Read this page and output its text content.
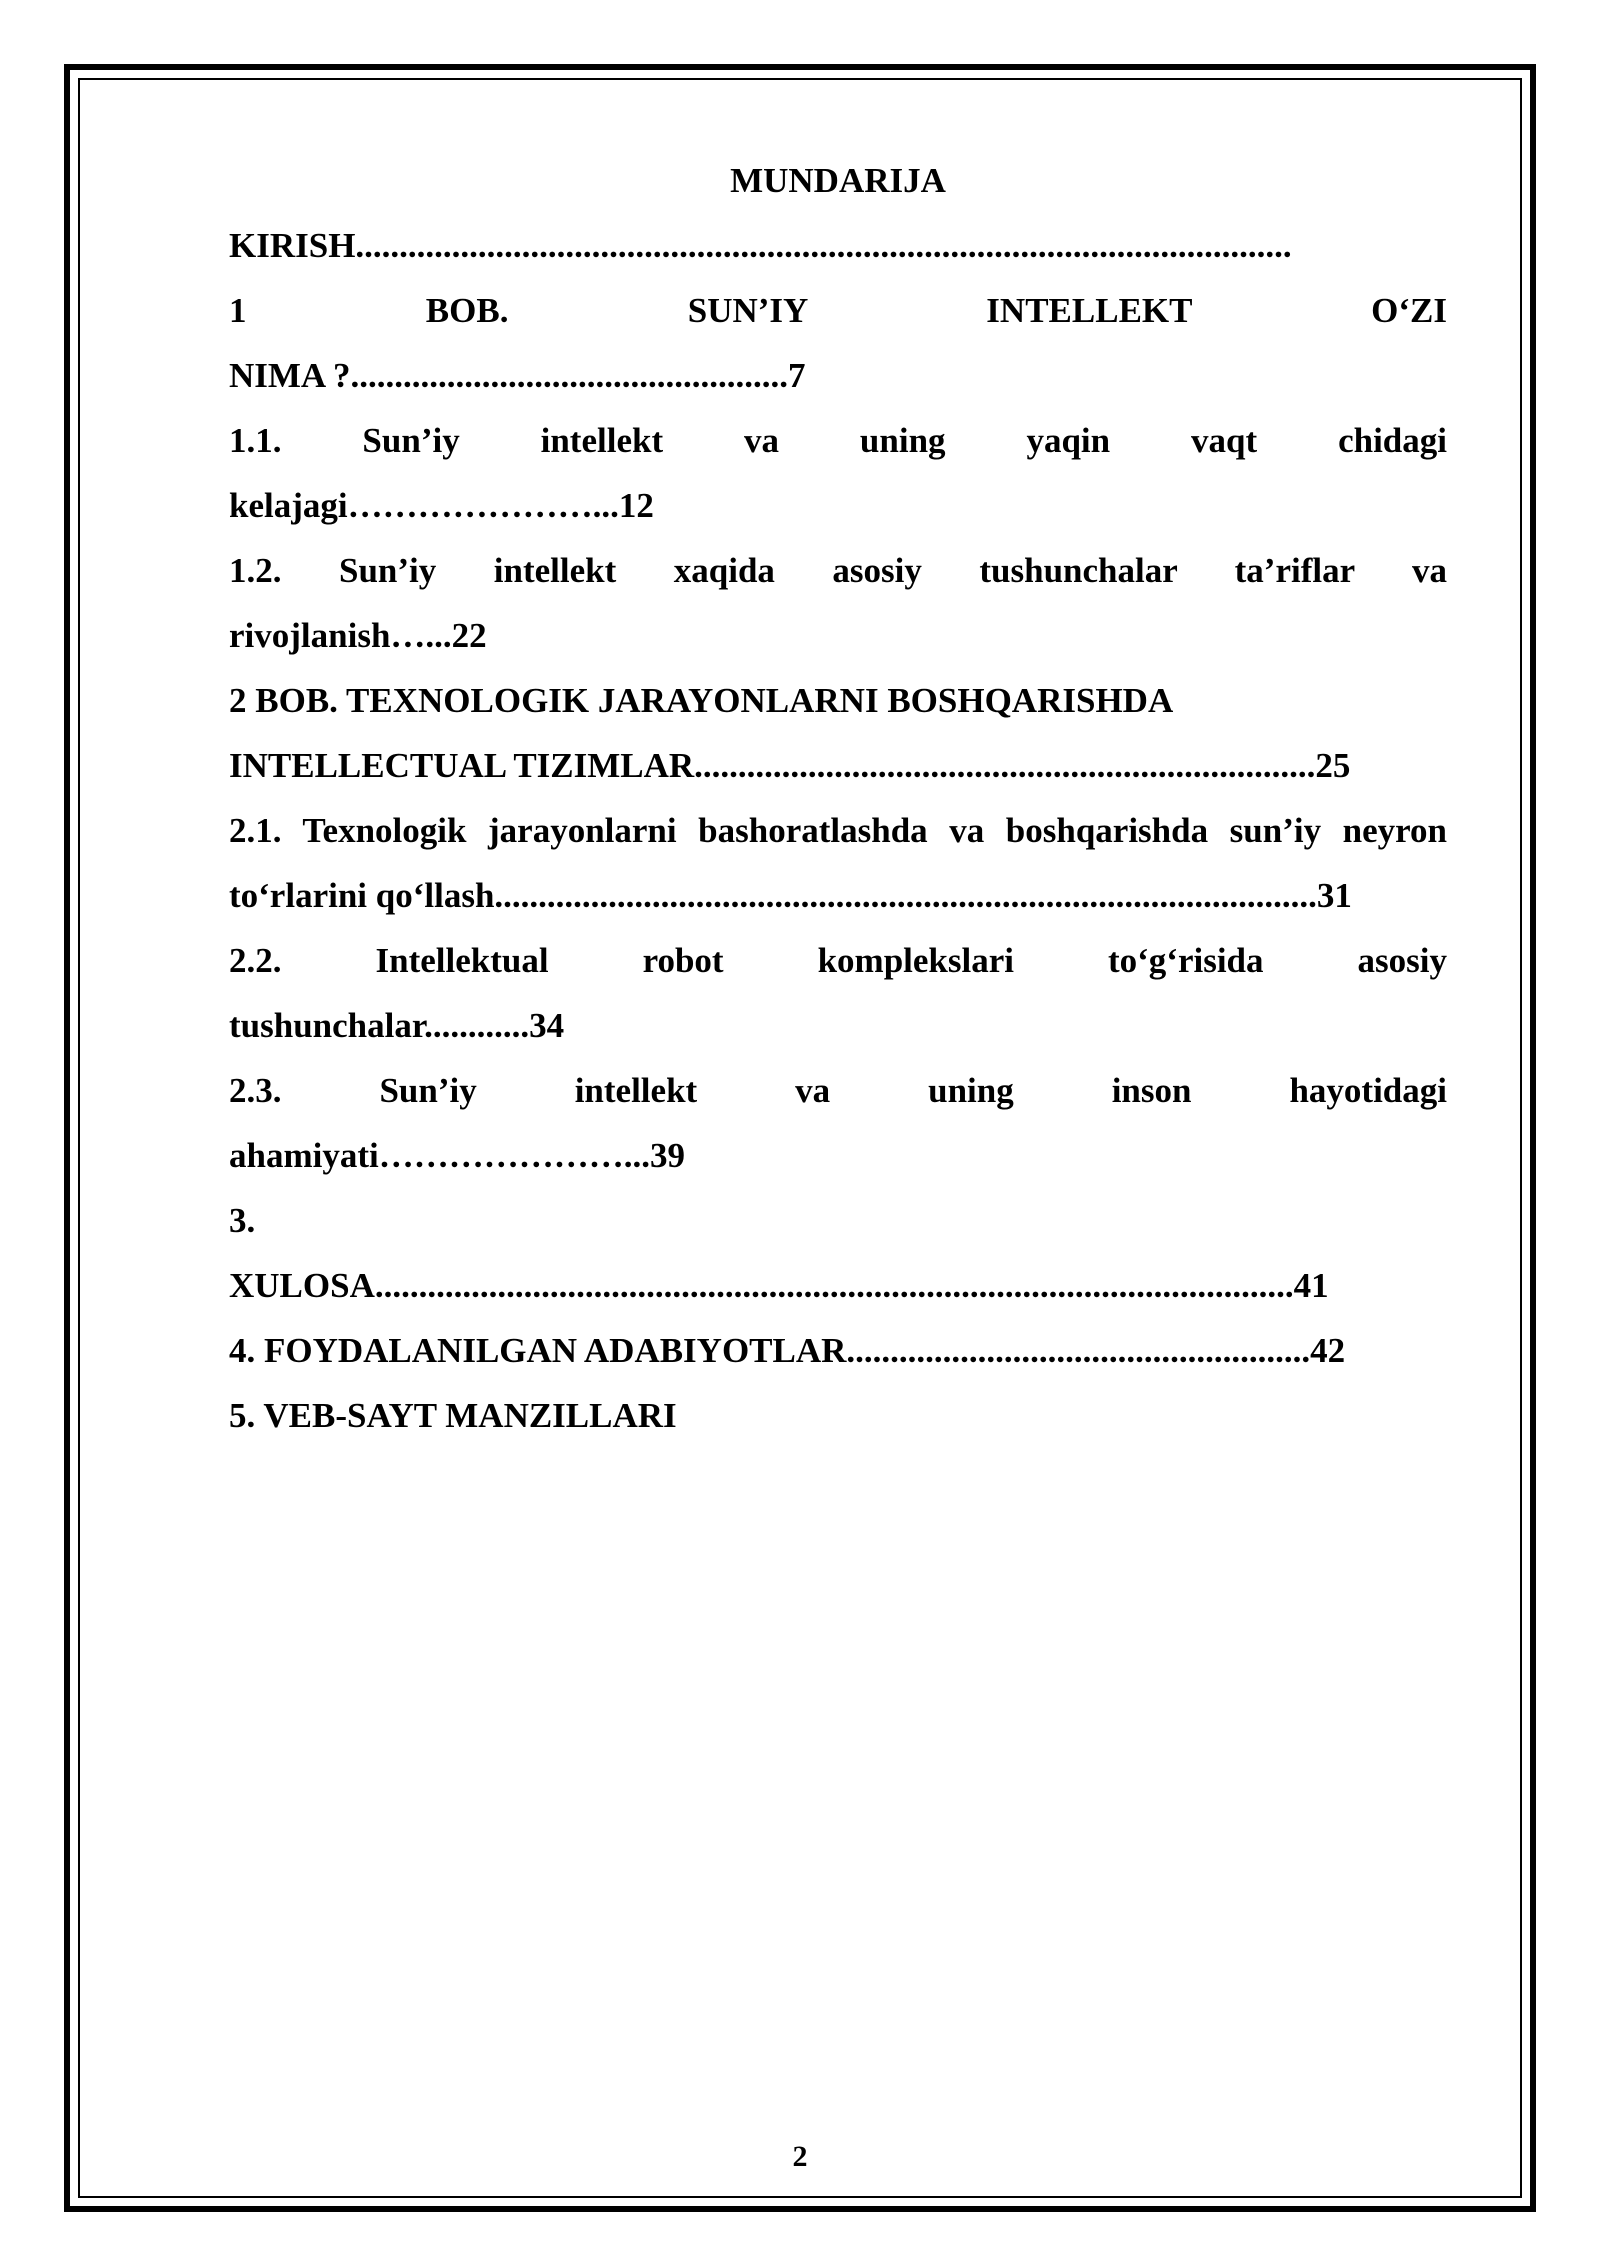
MUNDARIJA
KIRISH...........................................................................................................
1 BOB. SUN’IY INTELLEKT O‘ZI
NIMA ?..................................................7
1.1. Sun’iy intellekt va uning yaqin vaqt chidagi
kelajagi…………………...12
1.2. Sun’iy intellekt xaqida asosiy tushunchalar ta’riflar va
rivojlanish…...22
2 BOB. TEXNOLOGIK JARAYONLARNI BOSHQARISHDA
INTELLECTUAL TIZIMLAR.......................................................................25
2.1. Texnologik jarayonlarni bashoratlashda va boshqarishda sun’iy neyron
to‘rlarini qo‘llash..............................................................................................31
2.2. Intellektual robot komplekslari to‘g‘risida asosiy
tushunchalar............34
2.3. Sun’iy intellekt va uning inson hayotidagi
ahamiyati…………………...39
3.
XULOSA.........................................................................................................41
4. FOYDALANILGAN ADABIYOTLAR.....................................................42
5. VEB-SAYT MANZILLARI
2
